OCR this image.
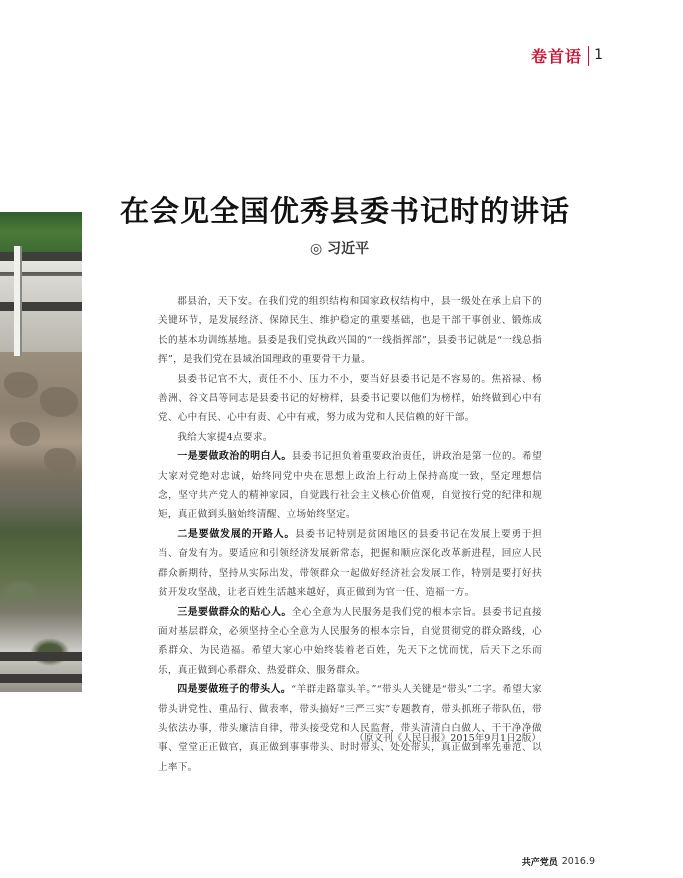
卷首语 1
在会见全国优秀县委书记时的讲话
◎ 习近平

郡县治，天下安。在我们党的组织结构和国家政权结构中，县一级处在承上启下的关键环节，是发展经济、保障民生、维护稳定的重要基础，也是干部干事创业、锻炼成长的基本功训练基地。县委是我们党执政兴国的“一线指挥部”，县委书记就是“一线总指挥”，是我们党在县域治国理政的重要骨干力量。

县委书记官不大，责任不小、压力不小，要当好县委书记是不容易的。焦裕禄、杨善洲、谷文昌等同志是县委书记的好榜样，县委书记要以他们为榜样，始终做到心中有党、心中有民、心中有责、心中有戒，努力成为党和人民信赖的好干部。

我给大家提4点要求。

一是要做政治的明白人。县委书记担负着重要政治责任，讲政治是第一位的。希望大家对党绝对忠诚，始终同党中央在思想上政治上行动上保持高度一致，坚定理想信念，坚守共产党人的精神家园，自觉践行社会主义核心价值观，自觉按行党的纪律和规矩，真正做到头脑始终清醒、立场始终坚定。

二是要做发展的开路人。县委书记特别是贫困地区的县委书记在发展上要勇于担当、奋发有为。要适应和引领经济发展新常态，把握和顺应深化改革新进程，回应人民群众新期待，坚持从实际出发，带领群众一起做好经济社会发展工作，特别是要打好扶贫开发攻坚战，让老百姓生活越来越好，真正做到为官一任、造福一方。

三是要做群众的贴心人。全心全意为人民服务是我们党的根本宗旨。县委书记直接面对基层群众，必须坚持全心全意为人民服务的根本宗旨，自觉贯彻党的群众路线，心系群众、为民造福。希望大家心中始终装着老百姓，先天下之忧而忧，后天下之乐而乐，真正做到心系群众、热爱群众、服务群众。

四是要做班子的带头人。“羊群走路靠头羊。”“带头人关键是“带头”二字。希望大家带头讲党性、重品行、做表率，带头搞好“三严三实”专题教育，带头抓班子带队伍，带头依法办事，带头廉洁自律，带头接受党和人民监督，带头清清白白做人、干干净净做事、堂堂正正做官，真正做到事事带头、时时带头、处处带头，真正做到率先垂范、以上率下。

（原文刊《人民日报》2015年9月1日2版）
共产党员 2016.9
